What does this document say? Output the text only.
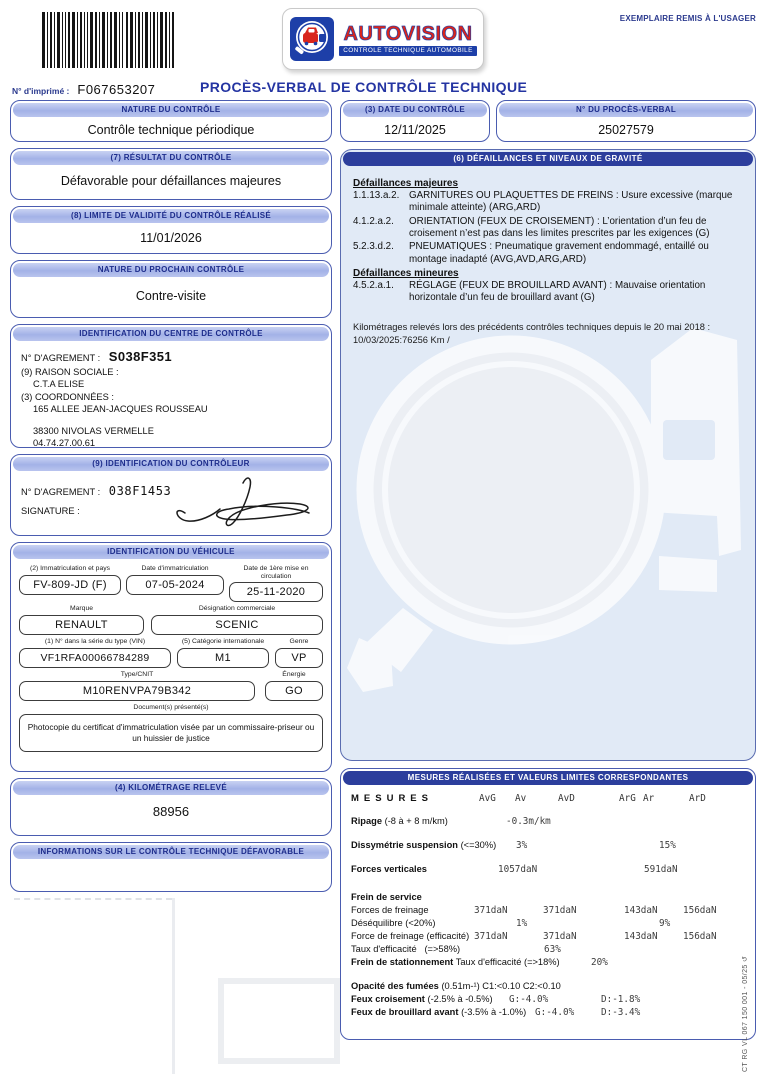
EXEMPLAIRE REMIS À L'USAGER
AUTOVISION
CONTROLE TECHNIQUE AUTOMOBILE
N° d'imprimé : F067653207	PROCÈS-VERBAL DE CONTRÔLE TECHNIQUE
NATURE DU CONTRÔLE
Contrôle technique périodique
(7) RÉSULTAT DU CONTRÔLE
Défavorable pour défaillances majeures
(8) LIMITE DE VALIDITÉ DU CONTRÔLE RÉALISÉ
11/01/2026
NATURE DU PROCHAIN CONTRÔLE
Contre-visite
IDENTIFICATION DU CENTRE DE CONTRÔLE
N° D'AGREMENT : S038F351
(9) RAISON SOCIALE :
C.T.A ELISE
(3) COORDONNÉES :
165 ALLEE JEAN-JACQUES ROUSSEAU
38300 NIVOLAS VERMELLE
04.74.27.00.61
(9) IDENTIFICATION DU CONTRÔLEUR
N° D'AGREMENT : 038F1453
SIGNATURE :
IDENTIFICATION DU VÉHICULE
(2) Immatriculation et pays
FV-809-JD (F)
Date d'immatriculation
07-05-2024
Date de 1ère mise en circulation
25-11-2020
Marque
RENAULT
Désignation commerciale
SCENIC
(1) N° dans la série du type (VIN)
VF1RFA00066784289
(5) Catégorie internationale
M1
Genre
VP
Type/CNIT
M10RENVPA79B342
Énergie
GO
Document(s) présenté(s)
Photocopie du certificat d'immatriculation visée par un commissaire-priseur ou un huissier de justice
(4) KILOMÉTRAGE RELEVÉ
88956
INFORMATIONS SUR LE CONTRÔLE TECHNIQUE DÉFAVORABLE
(3) DATE DU CONTRÔLE
12/11/2025
N° DU PROCÈS-VERBAL
25027579
(6) DÉFAILLANCES ET NIVEAUX DE GRAVITÉ
Défaillances majeures
1.1.13.a.2. GARNITURES OU PLAQUETTES DE FREINS : Usure excessive (marque minimale atteinte) (ARG,ARD)
4.1.2.a.2.	ORIENTATION (FEUX DE CROISEMENT) : L’orientation d’un feu de croisement n’est pas dans les limites prescrites par les exigences (G)
5.2.3.d.2.	PNEUMATIQUES : Pneumatique gravement endommagé, entaillé ou montage inadapté (AVG,AVD,ARG,ARD)
Défaillances mineures
4.5.2.a.1.	RÉGLAGE (FEUX DE BROUILLARD AVANT) : Mauvaise orientation horizontale d’un feu de brouillard avant (G)
Kilométrages relevés lors des précédents contrôles techniques depuis le 20 mai 2018 :
10/03/2025:76256 Km /
MESURES RÉALISÉES ET VALEURS LIMITES CORRESPONDANTES
MESURES	AvG Av	AvD	ArG Ar	ArD
Ripage (-8 à + 8 m/km)	-0.3m/km
Dissymétrie suspension (<=30%) 3%	15%
Forces verticales	1057daN	591daN
Frein de service
Forces de freinage	371daN	371daN	143daN	156daN
Déséquilibre (<20%)	1%	9%
Force de freinage (efficacité) 371daN	371daN	143daN	156daN
Taux d'efficacité (=>58%)	63%
Frein de stationnement Taux d'efficacité (=>18%)	20%
Opacité des fumées (0.51m-¹) C1:<0.10 C2:<0.10
Feux croisement (-2.5% à -0.5%) G:-4.0%	D:-1.8%
Feux de brouillard avant (-3.5% à -1.0%) G:-4.0%	D:-3.4%	CT RG VL 067 150 001 - 05/25 ↺
